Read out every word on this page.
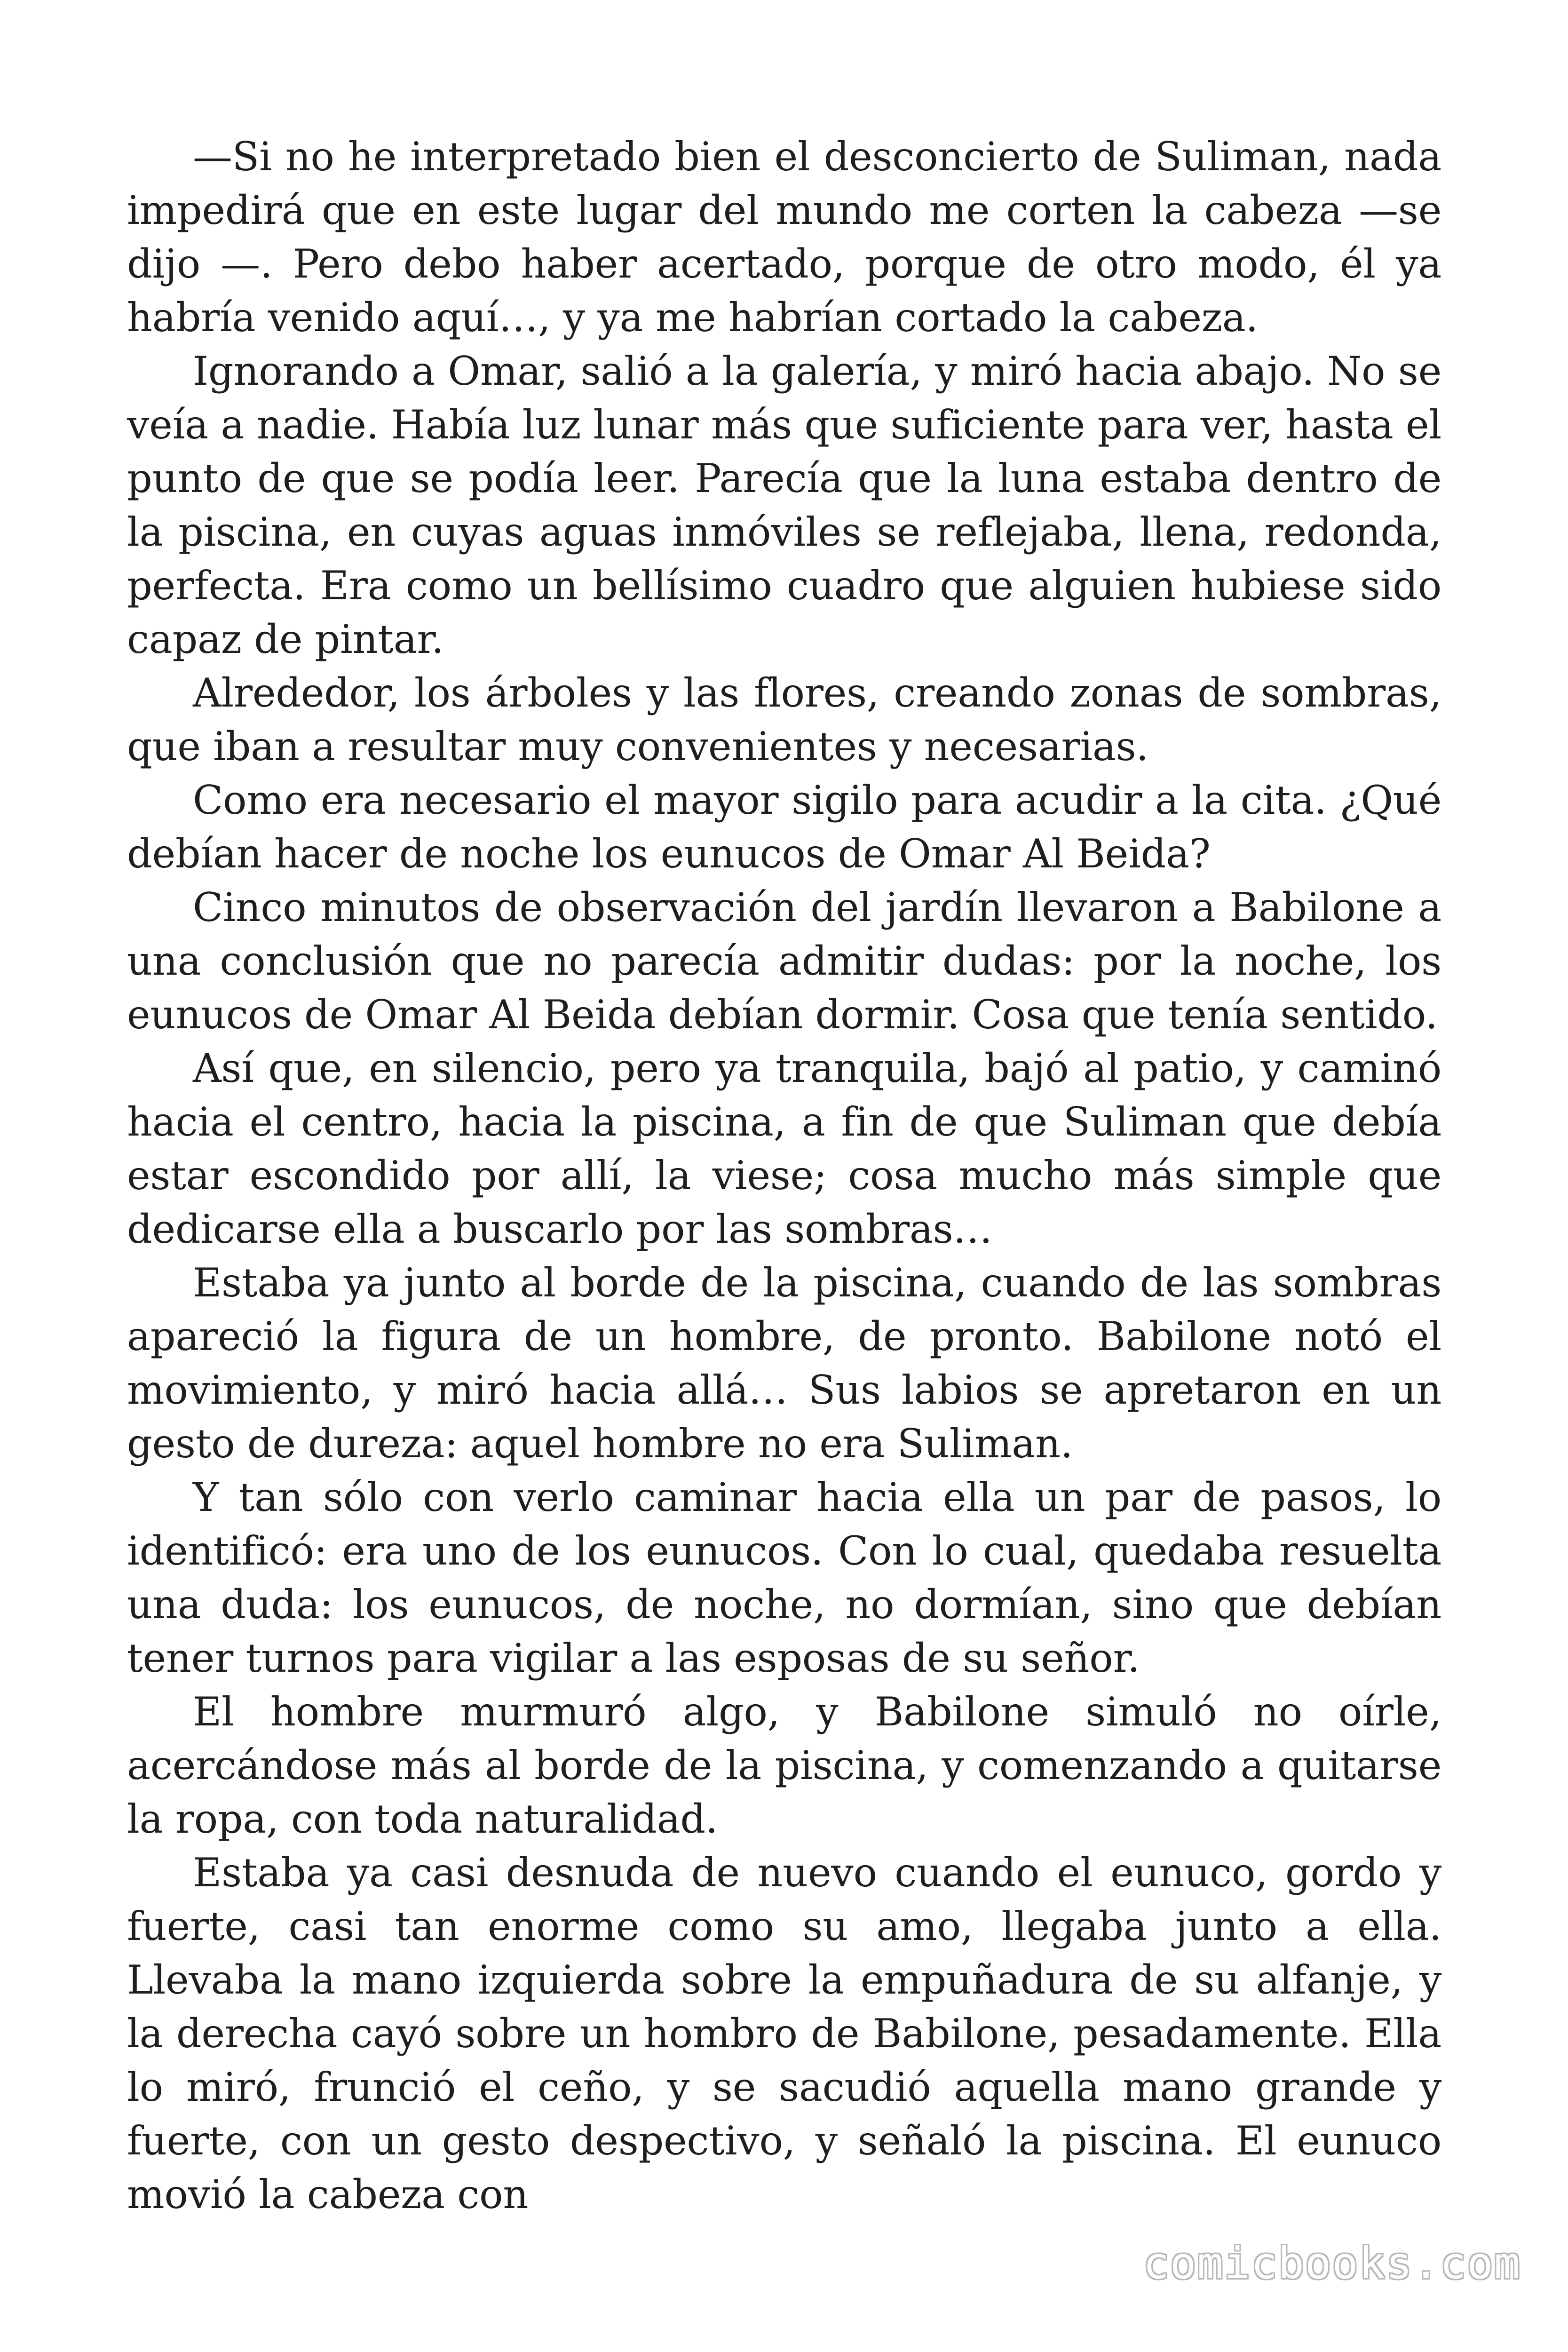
—Si no he interpretado bien el desconcierto de Suliman, nada impedirá que en este lugar del mundo me corten la cabeza —se dijo —. Pero debo haber acertado, porque de otro modo, él ya habría venido aquí…, y ya me habrían cortado la cabeza.

Ignorando a Omar, salió a la galería, y miró hacia abajo. No se veía a nadie. Había luz lunar más que suficiente para ver, hasta el punto de que se podía leer. Parecía que la luna estaba dentro de la piscina, en cuyas aguas inmóviles se reflejaba, llena, redonda, perfecta. Era como un bellísimo cuadro que alguien hubiese sido capaz de pintar.

Alrededor, los árboles y las flores, creando zonas de sombras, que iban a resultar muy convenientes y necesarias.

Como era necesario el mayor sigilo para acudir a la cita. ¿Qué debían hacer de noche los eunucos de Omar Al Beida?

Cinco minutos de observación del jardín llevaron a Babilone a una conclusión que no parecía admitir dudas: por la noche, los eunucos de Omar Al Beida debían dormir. Cosa que tenía sentido.

Así que, en silencio, pero ya tranquila, bajó al patio, y caminó hacia el centro, hacia la piscina, a fin de que Suliman que debía estar escondido por allí, la viese; cosa mucho más simple que dedicarse ella a buscarlo por las sombras…

Estaba ya junto al borde de la piscina, cuando de las sombras apareció la figura de un hombre, de pronto. Babilone notó el movimiento, y miró hacia allá… Sus labios se apretaron en un gesto de dureza: aquel hombre no era Suliman.

Y tan sólo con verlo caminar hacia ella un par de pasos, lo identificó: era uno de los eunucos. Con lo cual, quedaba resuelta una duda: los eunucos, de noche, no dormían, sino que debían tener turnos para vigilar a las esposas de su señor.

El hombre murmuró algo, y Babilone simuló no oírle, acercándose más al borde de la piscina, y comenzando a quitarse la ropa, con toda naturalidad.

Estaba ya casi desnuda de nuevo cuando el eunuco, gordo y fuerte, casi tan enorme como su amo, llegaba junto a ella. Llevaba la mano izquierda sobre la empuñadura de su alfanje, y la derecha cayó sobre un hombro de Babilone, pesadamente. Ella lo miró, frunció el ceño, y se sacudió aquella mano grande y fuerte, con un gesto despectivo, y señaló la piscina. El eunuco movió la cabeza con

comicbooks.com
